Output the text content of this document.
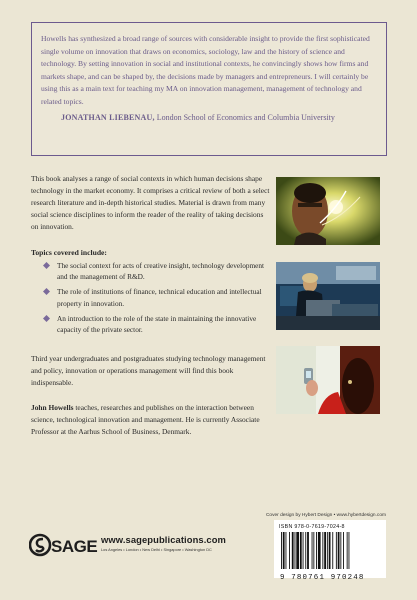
Howells has synthesized a broad range of sources with considerable insight to provide the first sophisticated single volume on innovation that draws on economics, sociology, law and the history of science and technology. By setting innovation in social and institutional contexts, he convincingly shows how firms and markets shape, and can be shaped by, the decisions made by managers and entrepreneurs. I will certainly be using this as a main text for teaching my MA on innovation management, management of technology and related topics.

JONATHAN LIEBENAU, London School of Economics and Columbia University

This book analyses a range of social contexts in which human decisions shape technology in the market economy. It comprises a critical review of both a select research literature and in-depth historical studies. Material is drawn from many social science disciplines to inform the reader of the reality of taking decisions on innovation.

Topics covered include:

The social context for acts of creative insight, technology development and the management of R&D.
The role of institutions of finance, technical education and intellectual property in innovation.
An introduction to the role of the state in maintaining the innovative capacity of the private sector.

Third year undergraduates and postgraduates studying technology management and policy, innovation or operations management will find this book indispensable.

John Howells teaches, researches and publishes on the interaction between science, technological innovation and management. He is currently Associate Professor at the Aarhus School of Business, Denmark.

Cover design by Hybert Design • www.hybertdesign.com
SAGE www.sagepublications.com
Los Angeles • London • New Delhi • Singapore • Washington DC
ISBN 978-0-7619-7024-8
9 780761 970248
